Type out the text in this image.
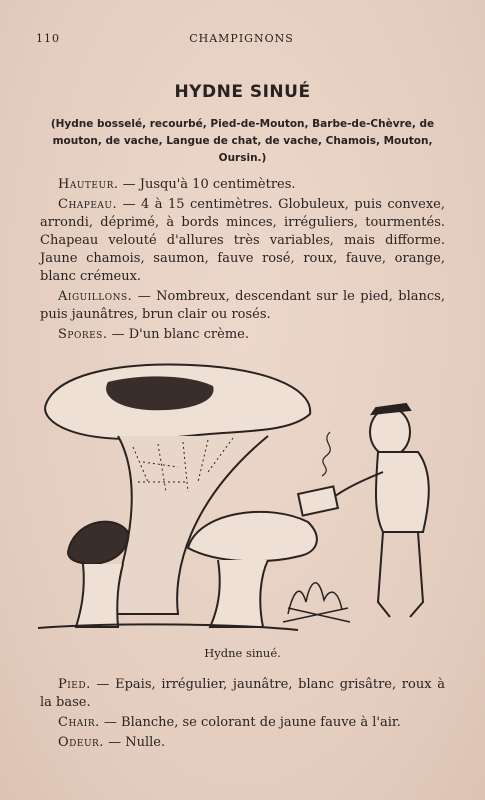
110	CHAMPIGNONS
HYDNE SINUÉ
(Hydne bosselé, recourbé, Pied-de-Mouton, Barbe-de-Chèvre, de mouton, de vache, Langue de chat, de vache, Chamois, Mouton, Oursin.)

Hauteur. — Jusqu'à 10 centimètres.

Chapeau. — 4 à 15 centimètres. Globuleux, puis convexe, arrondi, déprimé, à bords minces, irréguliers, tourmentés. Chapeau velouté d'allures très variables, mais difforme. Jaune chamois, saumon, fauve rosé, roux, fauve, orange, blanc crémeux.

Aiguillons. — Nombreux, descendant sur le pied, blancs, puis jaunâtres, brun clair ou rosés.

Spores. — D'un blanc crème.

Hydne sinué.

Pied. — Epais, irrégulier, jaunâtre, blanc grisâtre, roux à la base.

Chair. — Blanche, se colorant de jaune fauve à l'air.

Odeur. — Nulle.
